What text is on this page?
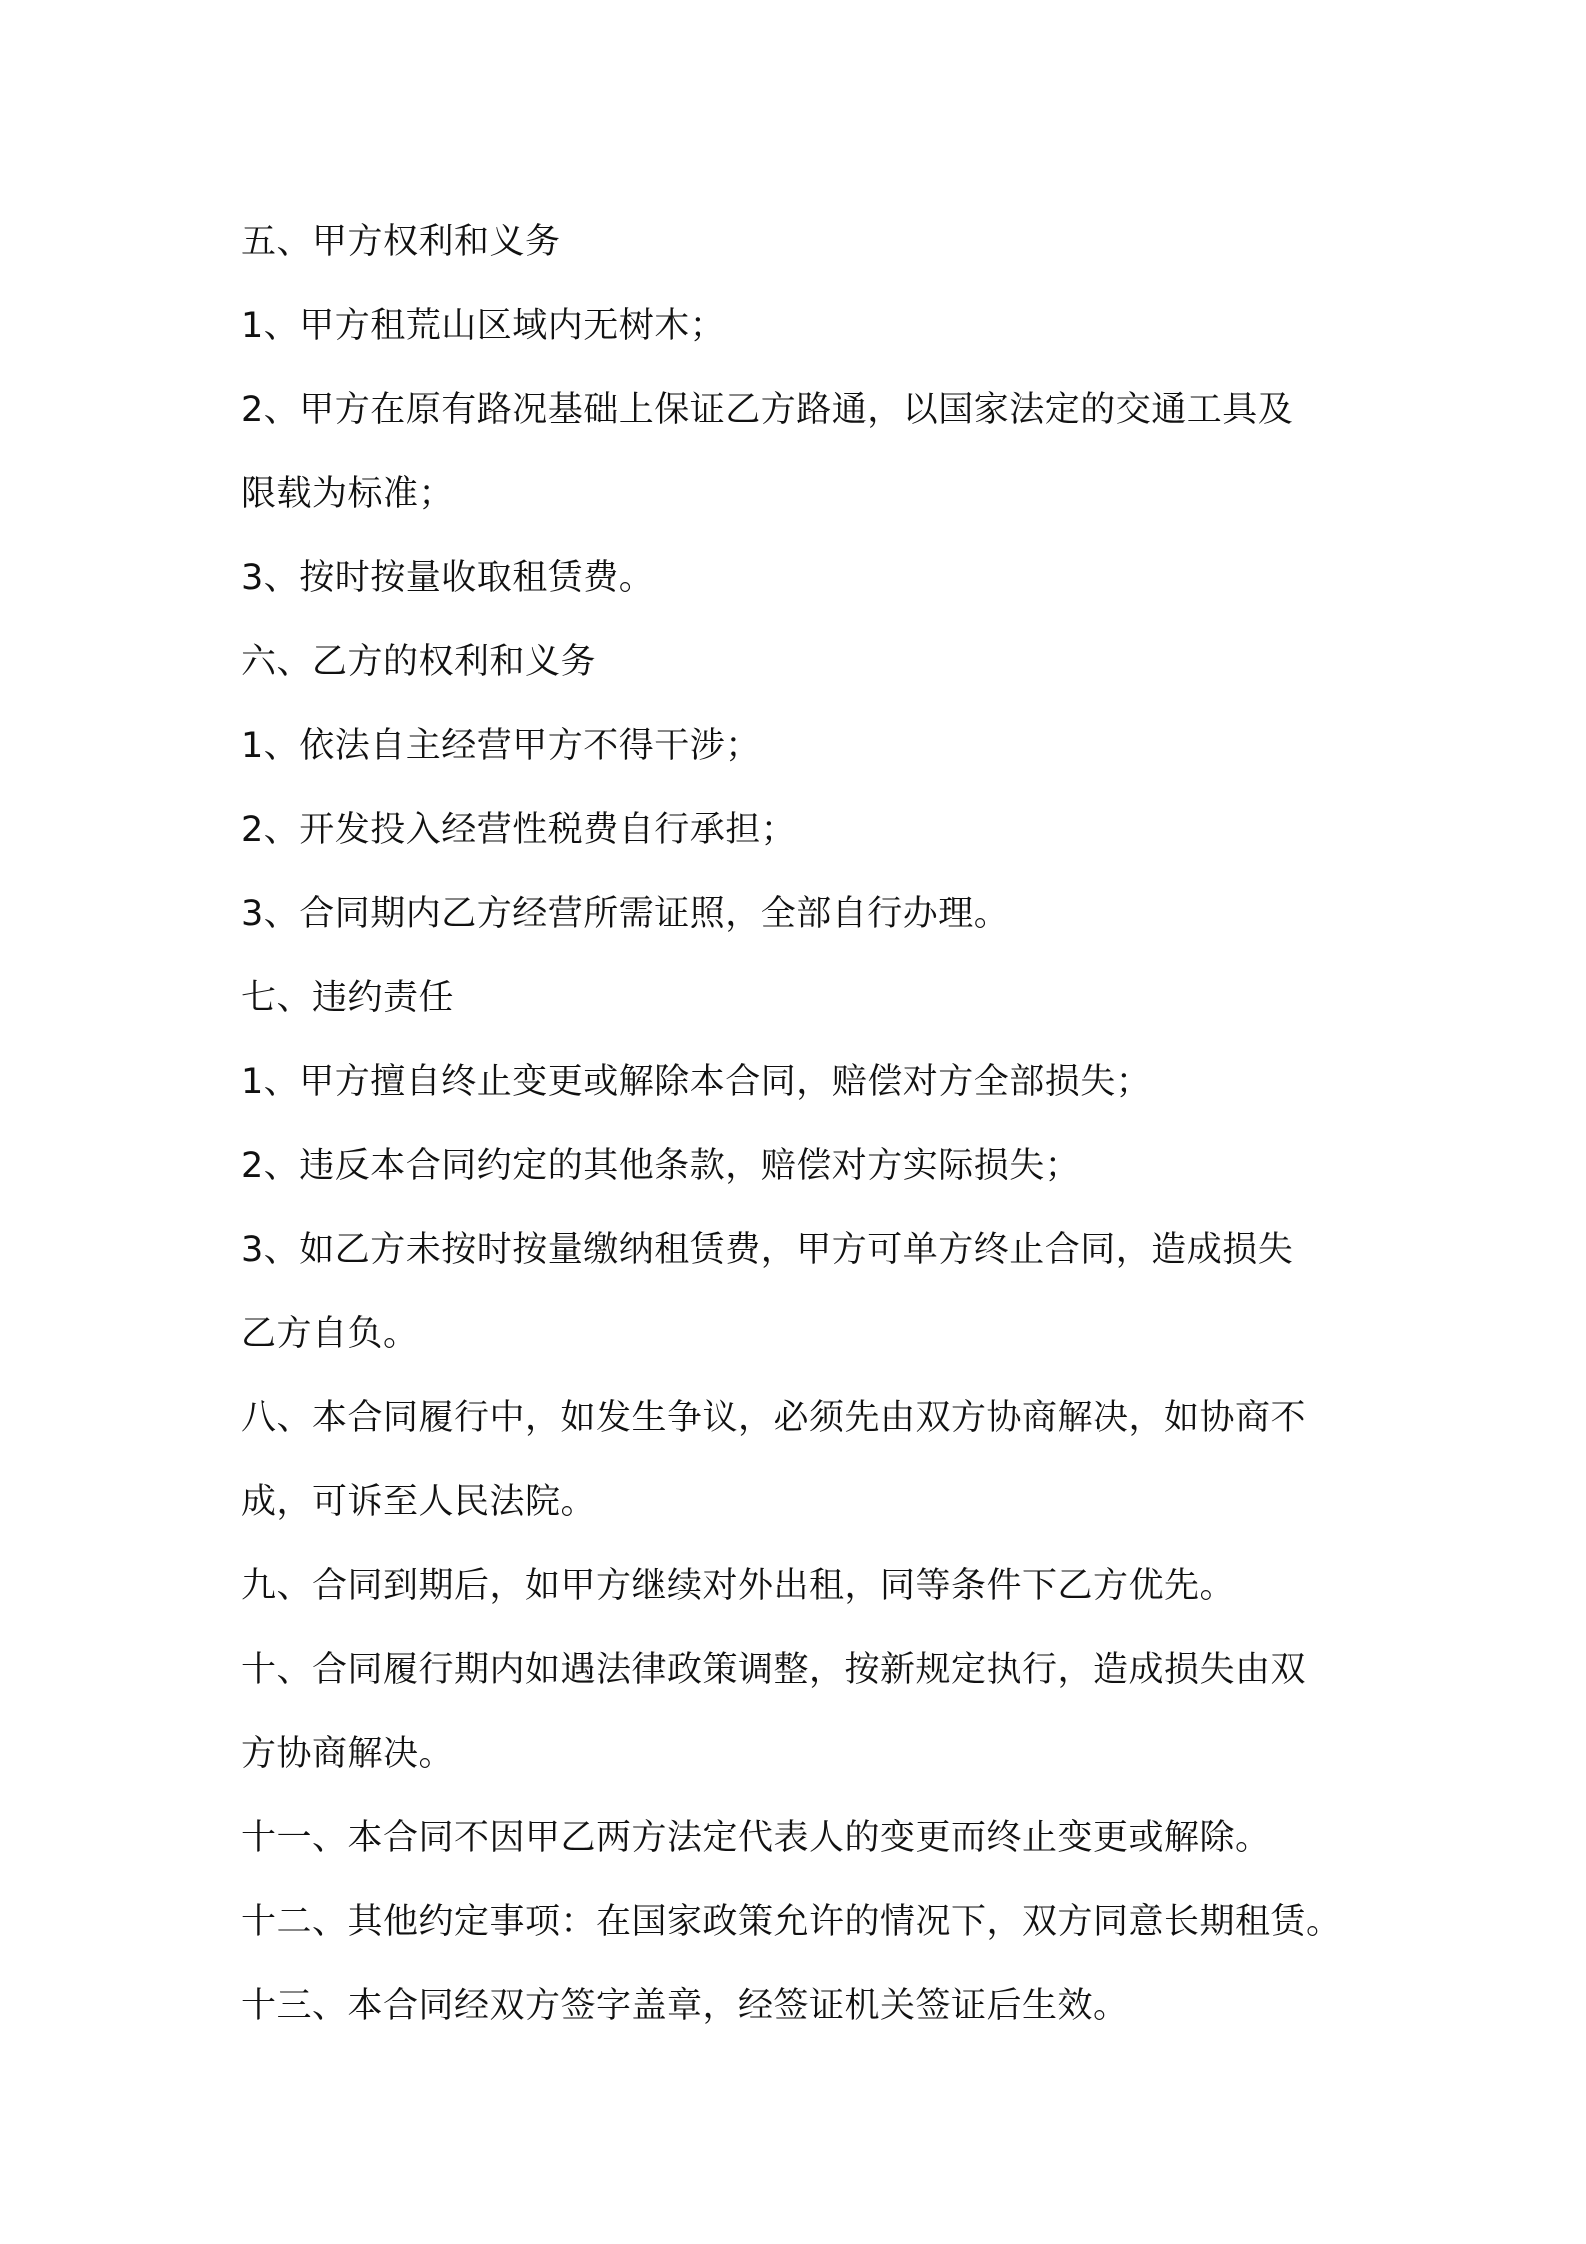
五、甲方权利和义务
1、甲方租荒山区域内无树木；
2、甲方在原有路况基础上保证乙方路通，以国家法定的交通工具及
限载为标准；
3、按时按量收取租赁费。
六、乙方的权利和义务
1、依法自主经营甲方不得干涉；
2、开发投入经营性税费自行承担；
3、合同期内乙方经营所需证照，全部自行办理。
七、违约责任
1、甲方擅自终止变更或解除本合同，赔偿对方全部损失；
2、违反本合同约定的其他条款，赔偿对方实际损失；
3、如乙方未按时按量缴纳租赁费，甲方可单方终止合同，造成损失
乙方自负。
八、本合同履行中，如发生争议，必须先由双方协商解决，如协商不
成，可诉至人民法院。
九、合同到期后，如甲方继续对外出租，同等条件下乙方优先。
十、合同履行期内如遇法律政策调整，按新规定执行，造成损失由双
方协商解决。
十一、本合同不因甲乙两方法定代表人的变更而终止变更或解除。
十二、其他约定事项：在国家政策允许的情况下，双方同意长期租赁。
十三、本合同经双方签字盖章，经签证机关签证后生效。
